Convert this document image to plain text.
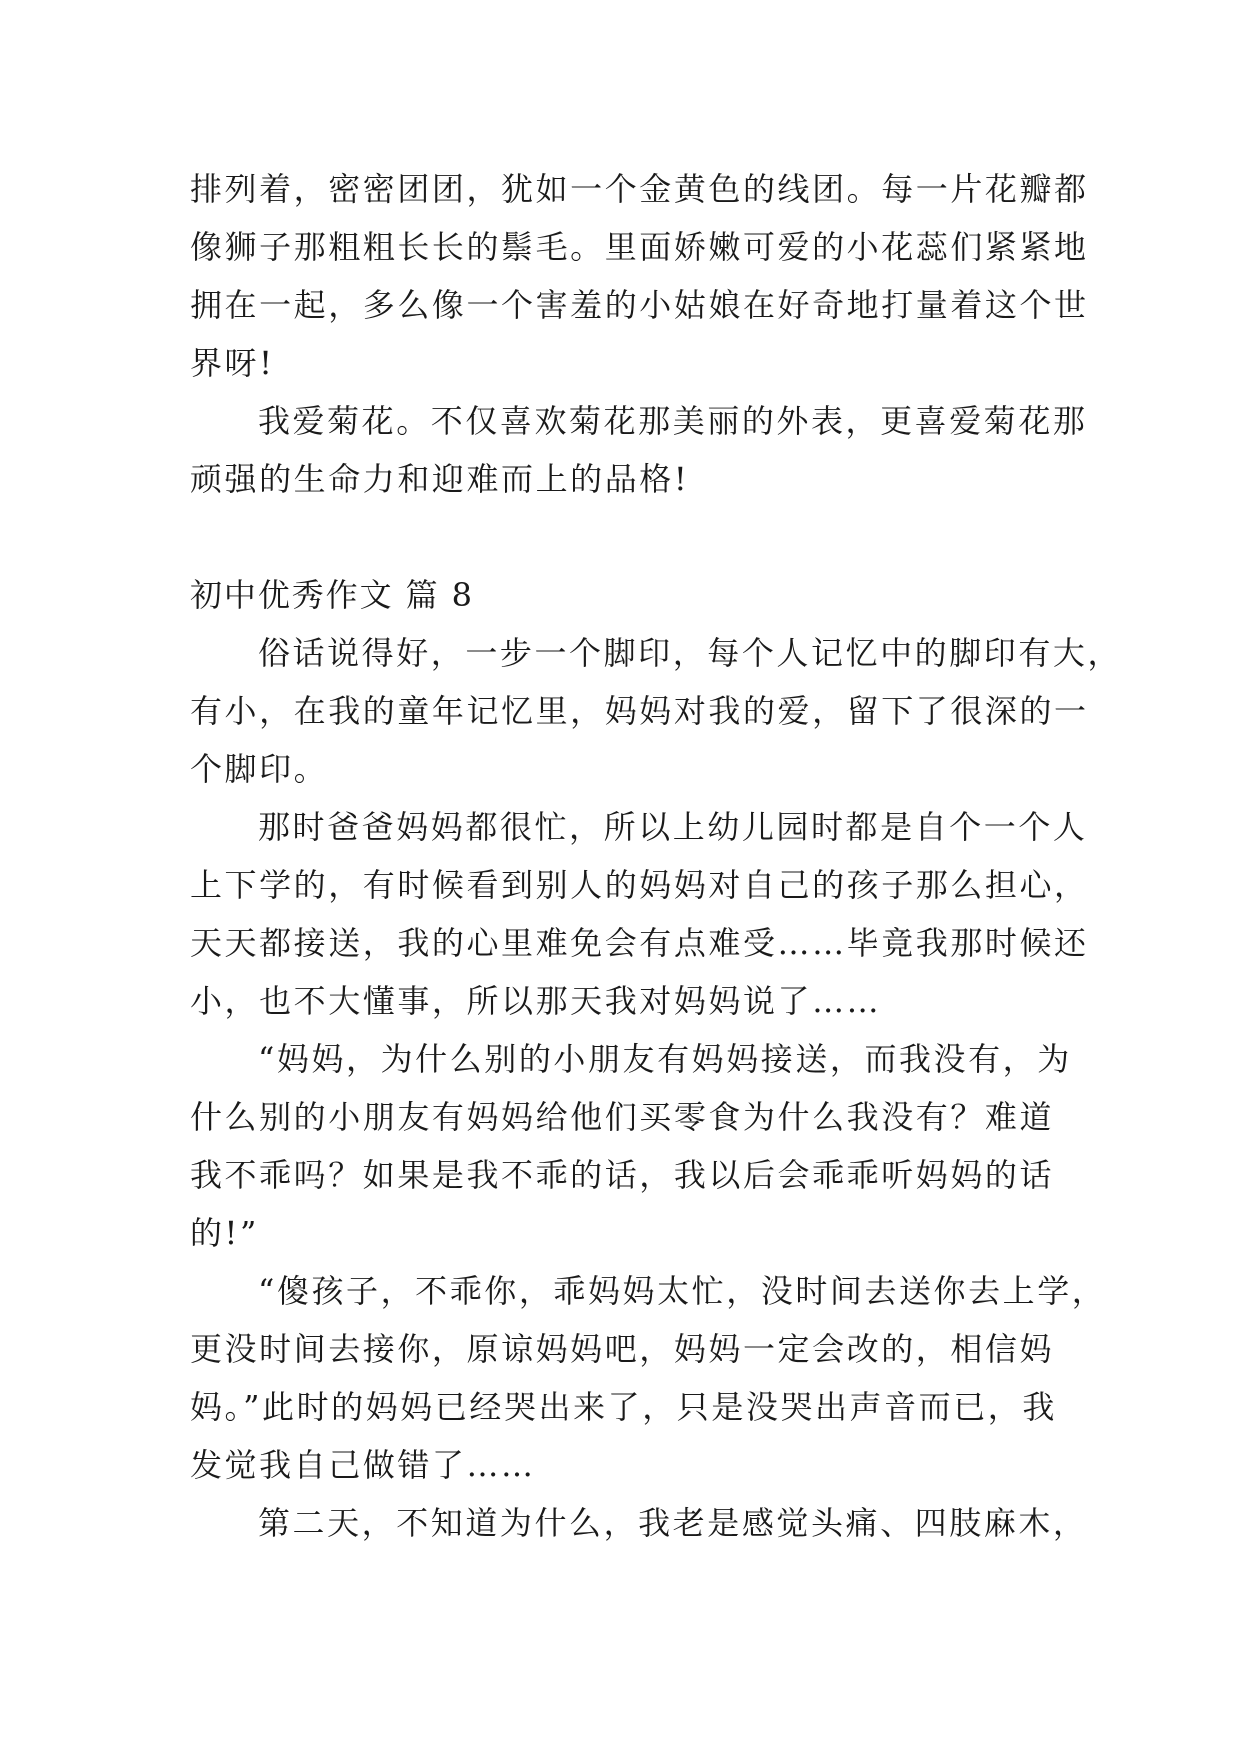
排列着，密密团团，犹如一个金黄色的线团。每一片花瓣都
像狮子那粗粗长长的鬃毛。里面娇嫩可爱的小花蕊们紧紧地
拥在一起，多么像一个害羞的小姑娘在好奇地打量着这个世
界呀!
我爱菊花。不仅喜欢菊花那美丽的外表，更喜爱菊花那
顽强的生命力和迎难而上的品格!
初中优秀作文 篇 8
俗话说得好，一步一个脚印，每个人记忆中的脚印有大，
有小，在我的童年记忆里，妈妈对我的爱，留下了很深的一
个脚印。
那时爸爸妈妈都很忙，所以上幼儿园时都是自个一个人
上下学的，有时候看到别人的妈妈对自己的孩子那么担心，
天天都接送，我的心里难免会有点难受……毕竟我那时候还
小，也不大懂事，所以那天我对妈妈说了……
“妈妈，为什么别的小朋友有妈妈接送，而我没有，为
什么别的小朋友有妈妈给他们买零食为什么我没有？难道
我不乖吗？如果是我不乖的话，我以后会乖乖听妈妈的话
的!”
“傻孩子，不乖你，乖妈妈太忙，没时间去送你去上学，
更没时间去接你，原谅妈妈吧，妈妈一定会改的，相信妈
妈。”此时的妈妈已经哭出来了，只是没哭出声音而已，我
发觉我自己做错了……
第二天，不知道为什么，我老是感觉头痛、四肢麻木，
